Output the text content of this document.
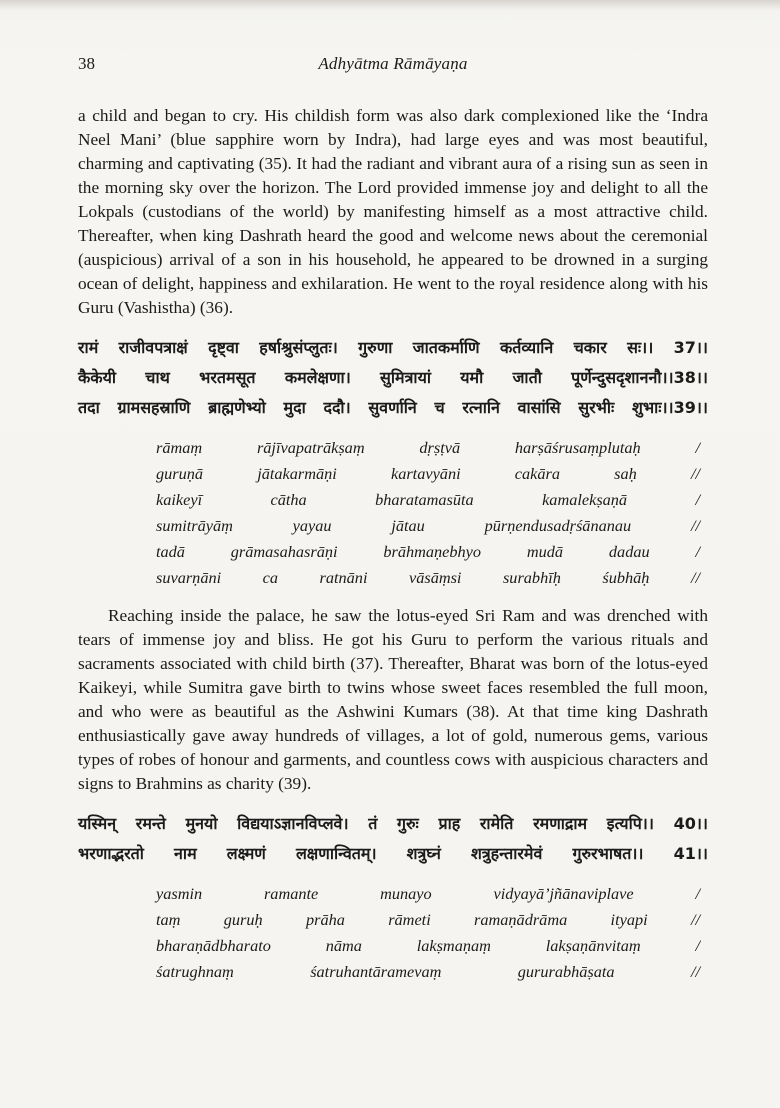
38	Adhyātma Rāmāyaṇa

a child and began to cry. His childish form was also dark complexioned like the ‘Indra Neel Mani’ (blue sapphire worn by Indra), had large eyes and was most beautiful, charming and captivating (35). It had the radiant and vibrant aura of a rising sun as seen in the morning sky over the horizon. The Lord provided immense joy and delight to all the Lokpals (custodians of the world) by manifesting himself as a most attractive child. Thereafter, when king Dashrath heard the good and welcome news about the ceremonial (auspicious) arrival of a son in his household, he appeared to be drowned in a surging ocean of delight, happiness and exhilaration. He went to the royal residence along with his Guru (Vashistha) (36).

रामं राजीवपत्राक्षं दृष्ट्वा हर्षाश्रुसंप्लुतः। गुरुणा जातकर्माणि कर्तव्यानि चकार सः।। 37।।
कैकेयी चाथ भरतमसूत कमलेक्षणा। सुमित्रायां यमौ जातौ पूर्णेन्दुसदृशाननौ।।38।।
तदा ग्रामसहस्राणि ब्राह्मणेभ्यो मुदा ददौ। सुवर्णानि च रत्नानि वासांसि सुरभीः शुभाः।।39।।
rāmaṃ rājīvapatrākṣaṃ dṛṣṭvā harṣāśrusaṃplutaḥ /
guruṇā jātakarmāṇi kartavyāni cakāra saḥ //
kaikeyī cātha bharatamasūta kamalekṣaṇā /
sumitrāyāṃ yayau jātau pūrṇendusadṛśānanau //
tadā grāmasahasrāṇi brāhmaṇebhyo mudā dadau /
suvarṇāni ca ratnāni vāsāṃsi surabhīḥ śubhāḥ //

Reaching inside the palace, he saw the lotus-eyed Sri Ram and was drenched with tears of immense joy and bliss. He got his Guru to perform the various rituals and sacraments associated with child birth (37). Thereafter, Bharat was born of the lotus-eyed Kaikeyi, while Sumitra gave birth to twins whose sweet faces resembled the full moon, and who were as beautiful as the Ashwini Kumars (38). At that time king Dashrath enthusiastically gave away hundreds of villages, a lot of gold, numerous gems, various types of robes of honour and garments, and countless cows with auspicious characters and signs to Brahmins as charity (39).

यस्मिन् रमन्ते मुनयो विद्ययाऽज्ञानविप्लवे। तं गुरुः प्राह रामेति रमणाद्राम इत्यपि।। 40।।
भरणाद्भरतो नाम लक्ष्मणं लक्षणान्वितम्। शत्रुघ्नं शत्रुहन्तारमेवं गुरुरभाषत।। 41।।
yasmin ramante munayo vidyayā’jñānaviplave /
taṃ guruḥ prāha rāmeti ramaṇādrāma ityapi //
bharaṇādbharato nāma lakṣmaṇaṃ lakṣaṇānvitaṃ /
śatrughnaṃ śatruhantāramevaṃ gururabhāṣata //
